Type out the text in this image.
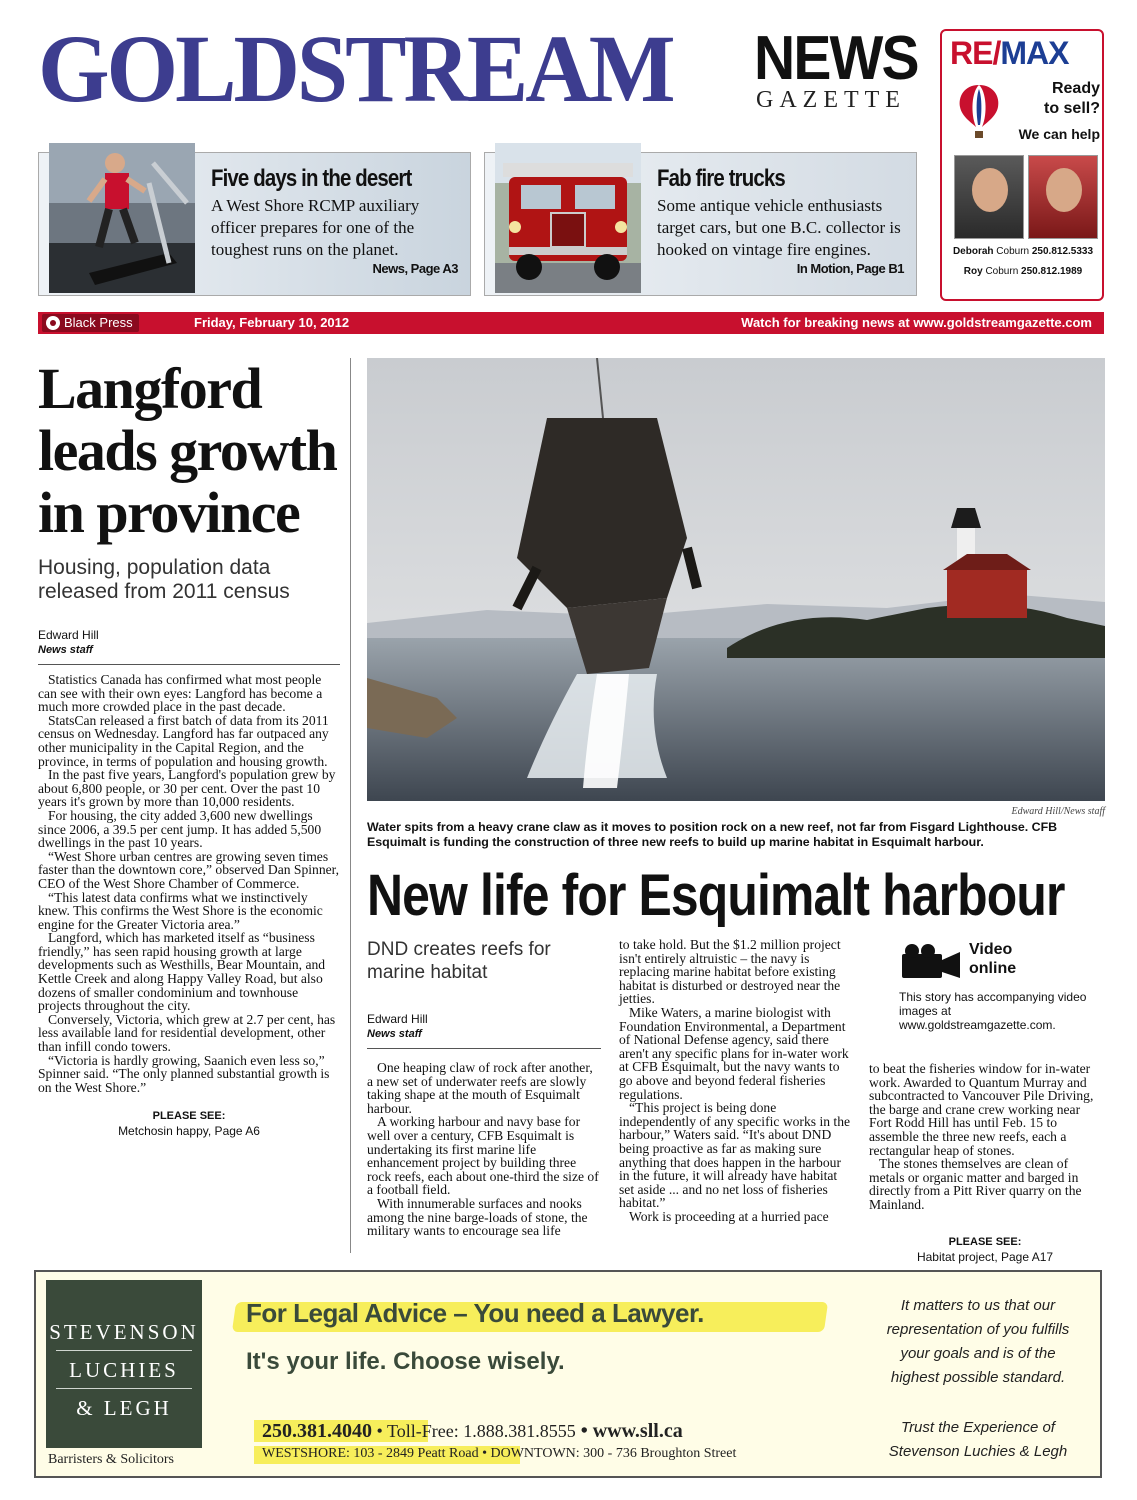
GOLDSTREAM NEWS
GAZETTE
RE/MAX
Ready
to sell?
We can help
Deborah Coburn 250.812.5333
Roy Coburn 250.812.1989
Five days in the desert
A West Shore RCMP auxiliary officer prepares for one of the toughest runs on the planet.
News, Page A3
Fab fire trucks
Some antique vehicle enthusiasts target cars, but one B.C. collector is hooked on vintage fire engines.
In Motion, Page B1
Black Press	Friday, February 10, 2012	Watch for breaking news at www.goldstreamgazette.com
Langford leads growth in province
Housing, population data released from 2011 census
Edward Hill
News staff

Statistics Canada has confirmed what most people can see with their own eyes: Langford has become a much more crowded place in the past decade.

StatsCan released a first batch of data from its 2011 census on Wednesday. Langford has far outpaced any other municipality in the Capital Region, and the province, in terms of population and housing growth.

In the past five years, Langford's population grew by about 6,800 people, or 30 per cent. Over the past 10 years it's grown by more than 10,000 residents.

For housing, the city added 3,600 new dwellings since 2006, a 39.5 per cent jump. It has added 5,500 dwellings in the past 10 years.

“West Shore urban centres are growing seven times faster than the downtown core,” observed Dan Spinner, CEO of the West Shore Chamber of Commerce.

“This latest data confirms what we instinctively knew. This confirms the West Shore is the economic engine for the Greater Victoria area.”

Langford, which has marketed itself as “business friendly,” has seen rapid housing growth at large developments such as Westhills, Bear Mountain, and Kettle Creek and along Happy Valley Road, but also dozens of smaller condominium and townhouse projects throughout the city.

Conversely, Victoria, which grew at 2.7 per cent, has less available land for residential development, other than infill condo towers.

“Victoria is hardly growing, Saanich even less so,” Spinner said. “The only planned substantial growth is on the West Shore.”

PLEASE SEE:
Metchosin happy, Page A6
Edward Hill/News staff
Water spits from a heavy crane claw as it moves to position rock on a new reef, not far from Fisgard Lighthouse. CFB Esquimalt is funding the construction of three new reefs to build up marine habitat in Esquimalt harbour.
New life for Esquimalt harbour
DND creates reefs for marine habitat
Edward Hill
News staff

One heaping claw of rock after another, a new set of underwater reefs are slowly taking shape at the mouth of Esquimalt harbour.

A working harbour and navy base for well over a century, CFB Esquimalt is undertaking its first marine life enhancement project by building three rock reefs, each about one-third the size of a football field.

With innumerable surfaces and nooks among the nine barge-loads of stone, the military wants to encourage sea life

to take hold. But the $1.2 million project isn't entirely altruistic – the navy is replacing marine habitat before existing habitat is disturbed or destroyed near the jetties.

Mike Waters, a marine biologist with Foundation Environmental, a Department of National Defense agency, said there aren't any specific plans for in-water work at CFB Esquimalt, but the navy wants to go above and beyond federal fisheries regulations.

“This project is being done independently of any specific works in the harbour,” Waters said. “It's about DND being proactive as far as making sure anything that does happen in the harbour in the future, it will already have habitat set aside ... and no net loss of fisheries habitat.”

Work is proceeding at a hurried pace

Video online
This story has accompanying video images at www.goldstreamgazette.com.

to beat the fisheries window for in-water work. Awarded to Quantum Murray and subcontracted to Vancouver Pile Driving, the barge and crane crew working near Fort Rodd Hill has until Feb. 15 to assemble the three new reefs, each a rectangular heap of stones.

The stones themselves are clean of metals or organic matter and barged in directly from a Pitt River quarry on the Mainland.

PLEASE SEE:
Habitat project, Page A17
STEVENSON
LUCHIES
& LEGH
Barristers & Solicitors
For Legal Advice – You need a Lawyer.
It's your life. Choose wisely.
250.381.4040 • Toll-Free: 1.888.381.8555 • www.sll.ca
WESTSHORE: 103 - 2849 Peatt Road • DOWNTOWN: 300 - 736 Broughton Street
It matters to us that our representation of you fulfills your goals and is of the highest possible standard.
Trust the Experience of Stevenson Luchies & Legh
